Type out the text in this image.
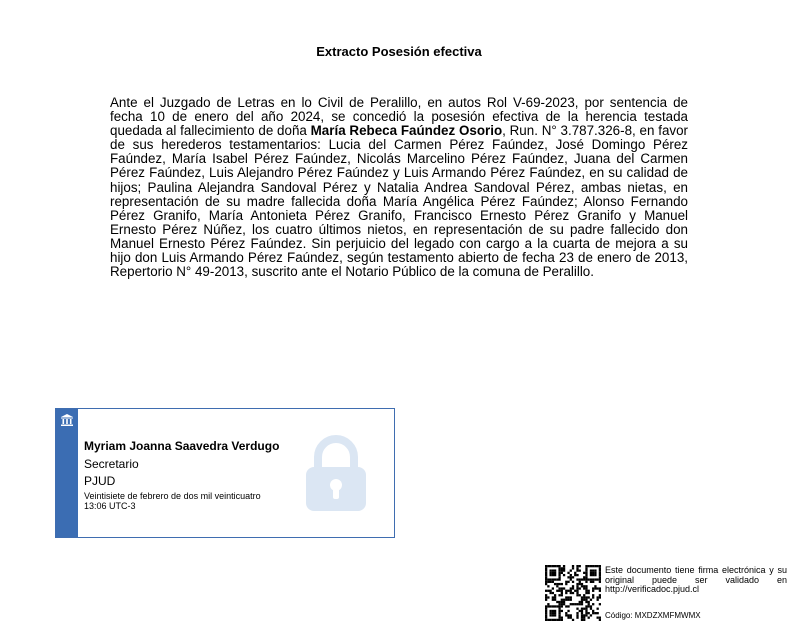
Extracto Posesión efectiva
Ante el Juzgado de Letras en lo Civil de Peralillo, en autos Rol V-69-2023, por sentencia de fecha 10 de enero del año 2024, se concedió la posesión efectiva de la herencia testada quedada al fallecimiento de doña María Rebeca Faúndez Osorio, Run. N° 3.787.326-8, en favor de sus herederos testamentarios: Lucia del Carmen Pérez Faúndez, José Domingo Pérez Faúndez, María Isabel Pérez Faúndez, Nicolás Marcelino Pérez Faúndez, Juana del Carmen Pérez Faúndez, Luis Alejandro Pérez Faúndez y Luis Armando Pérez Faúndez, en su calidad de hijos; Paulina Alejandra Sandoval Pérez y Natalia Andrea Sandoval Pérez, ambas nietas, en representación de su madre fallecida doña María Angélica Pérez Faúndez; Alonso Fernando Pérez Granifo, María Antonieta Pérez Granifo, Francisco Ernesto Pérez Granifo y Manuel Ernesto Pérez Núñez, los cuatro últimos nietos, en representación de su padre fallecido don Manuel Ernesto Pérez Faúndez. Sin perjuicio del legado con cargo a la cuarta de mejora a su hijo don Luis Armando Pérez Faúndez, según testamento abierto de fecha 23 de enero de 2013, Repertorio N° 49-2013, suscrito ante el Notario Público de la comuna de Peralillo.
Myriam Joanna Saavedra Verdugo
Secretario
PJUD
Veintisiete de febrero de dos mil veinticuatro
13:06 UTC-3
Este documento tiene firma electrónica y su original puede ser validado en http://verificadoc.pjud.cl
Código: MXDZXMFMWMX
